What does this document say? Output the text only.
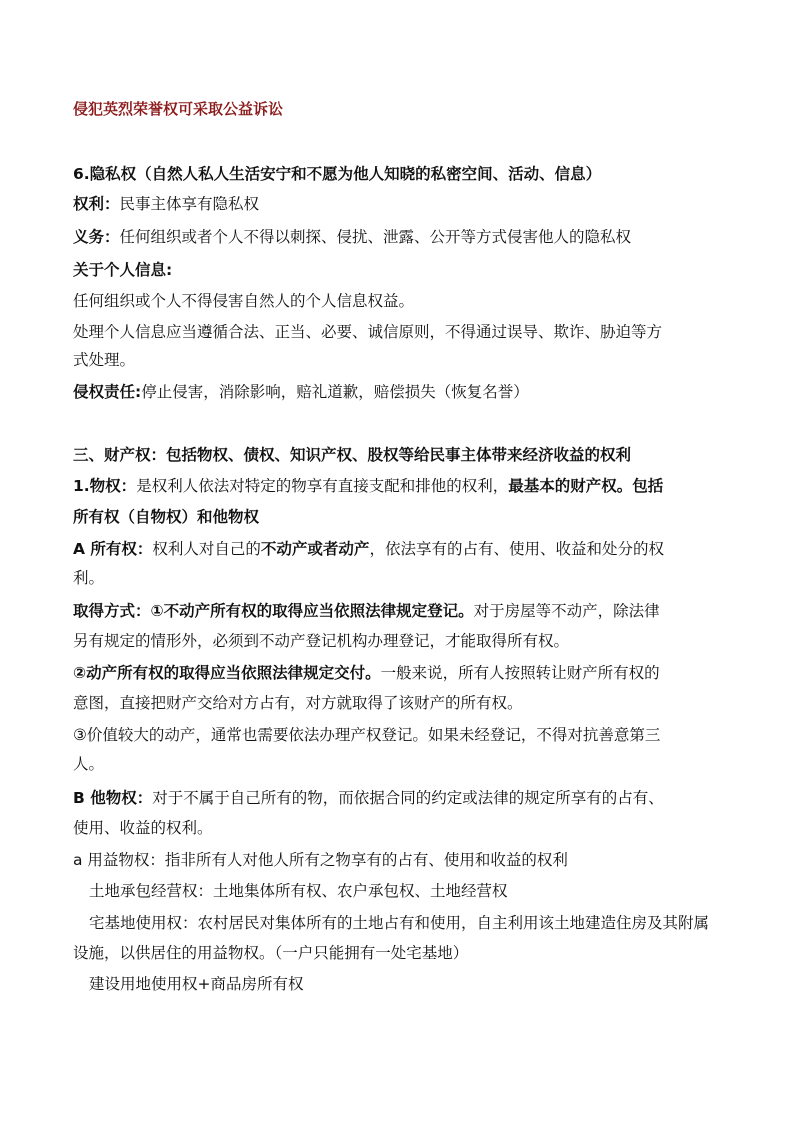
侵犯英烈荣誉权可采取公益诉讼
6.隐私权（自然人私人生活安宁和不愿为他人知晓的私密空间、活动、信息）
权利：民事主体享有隐私权
义务：任何组织或者个人不得以刺探、侵扰、泄露、公开等方式侵害他人的隐私权
关于个人信息:
任何组织或个人不得侵害自然人的个人信息权益。
处理个人信息应当遵循合法、正当、必要、诚信原则，不得通过误导、欺诈、胁迫等方
式处理。
侵权责任:停止侵害，消除影响，赔礼道歉，赔偿损失（恢复名誉）
三、财产权：包括物权、债权、知识产权、股权等给民事主体带来经济收益的权利
1.物权：是权利人依法对特定的物享有直接支配和排他的权利，最基本的财产权。包括
所有权（自物权）和他物权
A 所有权：权利人对自己的不动产或者动产，依法享有的占有、使用、收益和处分的权
利。
取得方式：①不动产所有权的取得应当依照法律规定登记。对于房屋等不动产，除法律
另有规定的情形外，必须到不动产登记机构办理登记，才能取得所有权。
②动产所有权的取得应当依照法律规定交付。一般来说，所有人按照转让财产所有权的
意图，直接把财产交给对方占有，对方就取得了该财产的所有权。
③价值较大的动产，通常也需要依法办理产权登记。如果未经登记，不得对抗善意第三
人。
B 他物权：对于不属于自己所有的物，而依据合同的约定或法律的规定所享有的占有、
使用、收益的权利。
a 用益物权：指非所有人对他人所有之物享有的占有、使用和收益的权利
土地承包经营权：土地集体所有权、农户承包权、土地经营权
宅基地使用权：农村居民对集体所有的土地占有和使用，自主利用该土地建造住房及其附属
设施，以供居住的用益物权。（一户只能拥有一处宅基地）
建设用地使用权+商品房所有权
